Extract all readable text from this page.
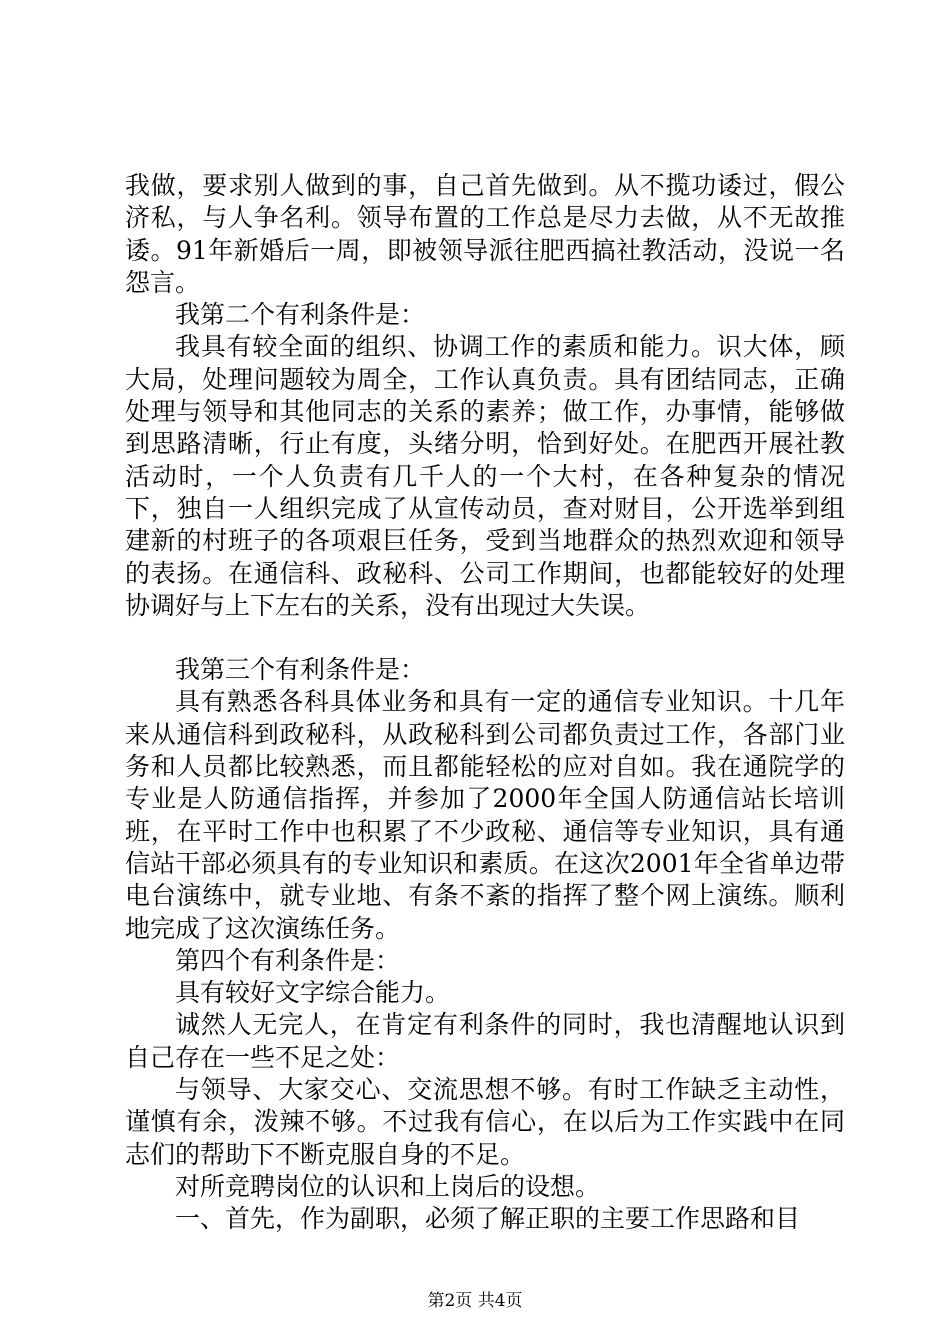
我做，要求别人做到的事，自己首先做到。从不揽功诿过，假公济私，与人争名利。领导布置的工作总是尽力去做，从不无故推诿。91年新婚后一周，即被领导派往肥西搞社教活动，没说一名怨言。

我第二个有利条件是：

我具有较全面的组织、协调工作的素质和能力。识大体，顾大局，处理问题较为周全，工作认真负责。具有团结同志，正确处理与领导和其他同志的关系的素养；做工作，办事情，能够做到思路清晰，行止有度，头绪分明，恰到好处。在肥西开展社教活动时，一个人负责有几千人的一个大村，在各种复杂的情况下，独自一人组织完成了从宣传动员，查对财目，公开选举到组建新的村班子的各项艰巨任务，受到当地群众的热烈欢迎和领导的表扬。在通信科、政秘科、公司工作期间，也都能较好的处理协调好与上下左右的关系，没有出现过大失误。

我第三个有利条件是：

具有熟悉各科具体业务和具有一定的通信专业知识。十几年来从通信科到政秘科，从政秘科到公司都负责过工作，各部门业务和人员都比较熟悉，而且都能轻松的应对自如。我在通院学的专业是人防通信指挥，并参加了2000年全国人防通信站长培训班，在平时工作中也积累了不少政秘、通信等专业知识，具有通信站干部必须具有的专业知识和素质。在这次2001年全省单边带电台演练中，就专业地、有条不紊的指挥了整个网上演练。顺利地完成了这次演练任务。

第四个有利条件是：

具有较好文字综合能力。

诚然人无完人，在肯定有利条件的同时，我也清醒地认识到自己存在一些不足之处：

与领导、大家交心、交流思想不够。有时工作缺乏主动性，谨慎有余，泼辣不够。不过我有信心，在以后为工作实践中在同志们的帮助下不断克服自身的不足。

对所竞聘岗位的认识和上岗后的设想。

一、首先，作为副职，必须了解正职的主要工作思路和目

第2页 共4页
